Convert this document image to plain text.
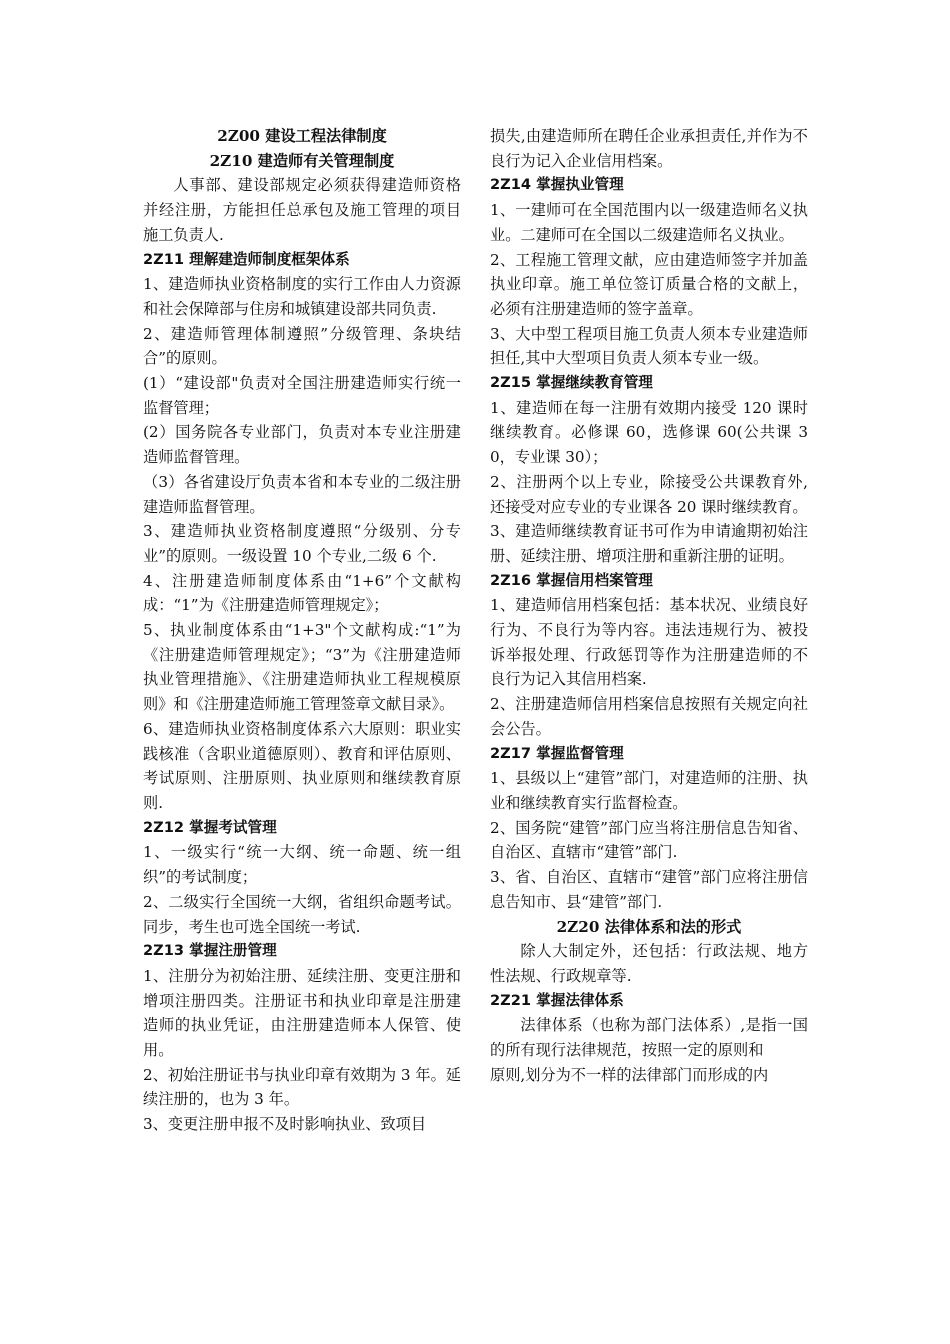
2Z00 建设工程法律制度

2Z10 建造师有关管理制度

人事部、建设部规定必须获得建造师资格并经注册，方能担任总承包及施工管理的项目施工负责人.

2Z11 理解建造师制度框架体系

1、建造师执业资格制度的实行工作由人力资源和社会保障部与住房和城镇建设部共同负责.

2、建造师管理体制遵照”分级管理、条块结合”的原则。

(1）“建设部"负责对全国注册建造师实行统一监督管理；

(2）国务院各专业部门，负责对本专业注册建造师监督管理。

（3）各省建设厅负责本省和本专业的二级注册建造师监督管理。

3、建造师执业资格制度遵照“分级别、分专业”的原则。一级设置 10 个专业,二级 6 个.

4、注册建造师制度体系由“1+6”个文献构成：“1”为《注册建造师管理规定》；

5、执业制度体系由“1+3"个文献构成:“1”为《注册建造师管理规定》；“3”为《注册建造师执业管理措施》、《注册建造师执业工程规模原则》和《注册建造师施工管理签章文献目录》。

6、建造师执业资格制度体系六大原则：职业实践核准（含职业道德原则）、教育和评估原则、考试原则、注册原则、执业原则和继续教育原则.

2Z12 掌握考试管理

1、一级实行“统一大纲、统一命题、统一组织”的考试制度；

2、二级实行全国统一大纲，省组织命题考试。同步，考生也可选全国统一考试.

2Z13 掌握注册管理

1、注册分为初始注册、延续注册、变更注册和增项注册四类。注册证书和执业印章是注册建造师的执业凭证，由注册建造师本人保管、使用。

2、初始注册证书与执业印章有效期为 3 年。延续注册的，也为 3 年。

3、变更注册申报不及时影响执业、致项目

损失,由建造师所在聘任企业承担责任,并作为不良行为记入企业信用档案。

2Z14 掌握执业管理

1、一建师可在全国范围内以一级建造师名义执业。二建师可在全国以二级建造师名义执业。

2、工程施工管理文献，应由建造师签字并加盖执业印章。施工单位签订质量合格的文献上，必须有注册建造师的签字盖章。

3、大中型工程项目施工负责人须本专业建造师担任,其中大型项目负责人须本专业一级。

2Z15 掌握继续教育管理

1、建造师在每一注册有效期内接受 120 课时继续教育。必修课 60，选修课 60(公共课 30，专业课 30）；

2、注册两个以上专业，除接受公共课教育外,还接受对应专业的专业课各 20 课时继续教育。

3、建造师继续教育证书可作为申请逾期初始注册、延续注册、增项注册和重新注册的证明。

2Z16 掌握信用档案管理

1、建造师信用档案包括：基本状况、业绩良好行为、不良行为等内容。违法违规行为、被投诉举报处理、行政惩罚等作为注册建造师的不良行为记入其信用档案.

2、注册建造师信用档案信息按照有关规定向社会公告。

2Z17 掌握监督管理

1、县级以上“建管”部门，对建造师的注册、执业和继续教育实行监督检查。

2、国务院“建管”部门应当将注册信息告知省、自治区、直辖市“建管”部门.

3、省、自治区、直辖市“建管”部门应将注册信息告知市、县“建管”部门.

2Z20 法律体系和法的形式

除人大制定外，还包括：行政法规、地方性法规、行政规章等.

2Z21 掌握法律体系

法律体系（也称为部门法体系）,是指一国的所有现行法律规范，按照一定的原则和

原则,划分为不一样的法律部门而形成的内
